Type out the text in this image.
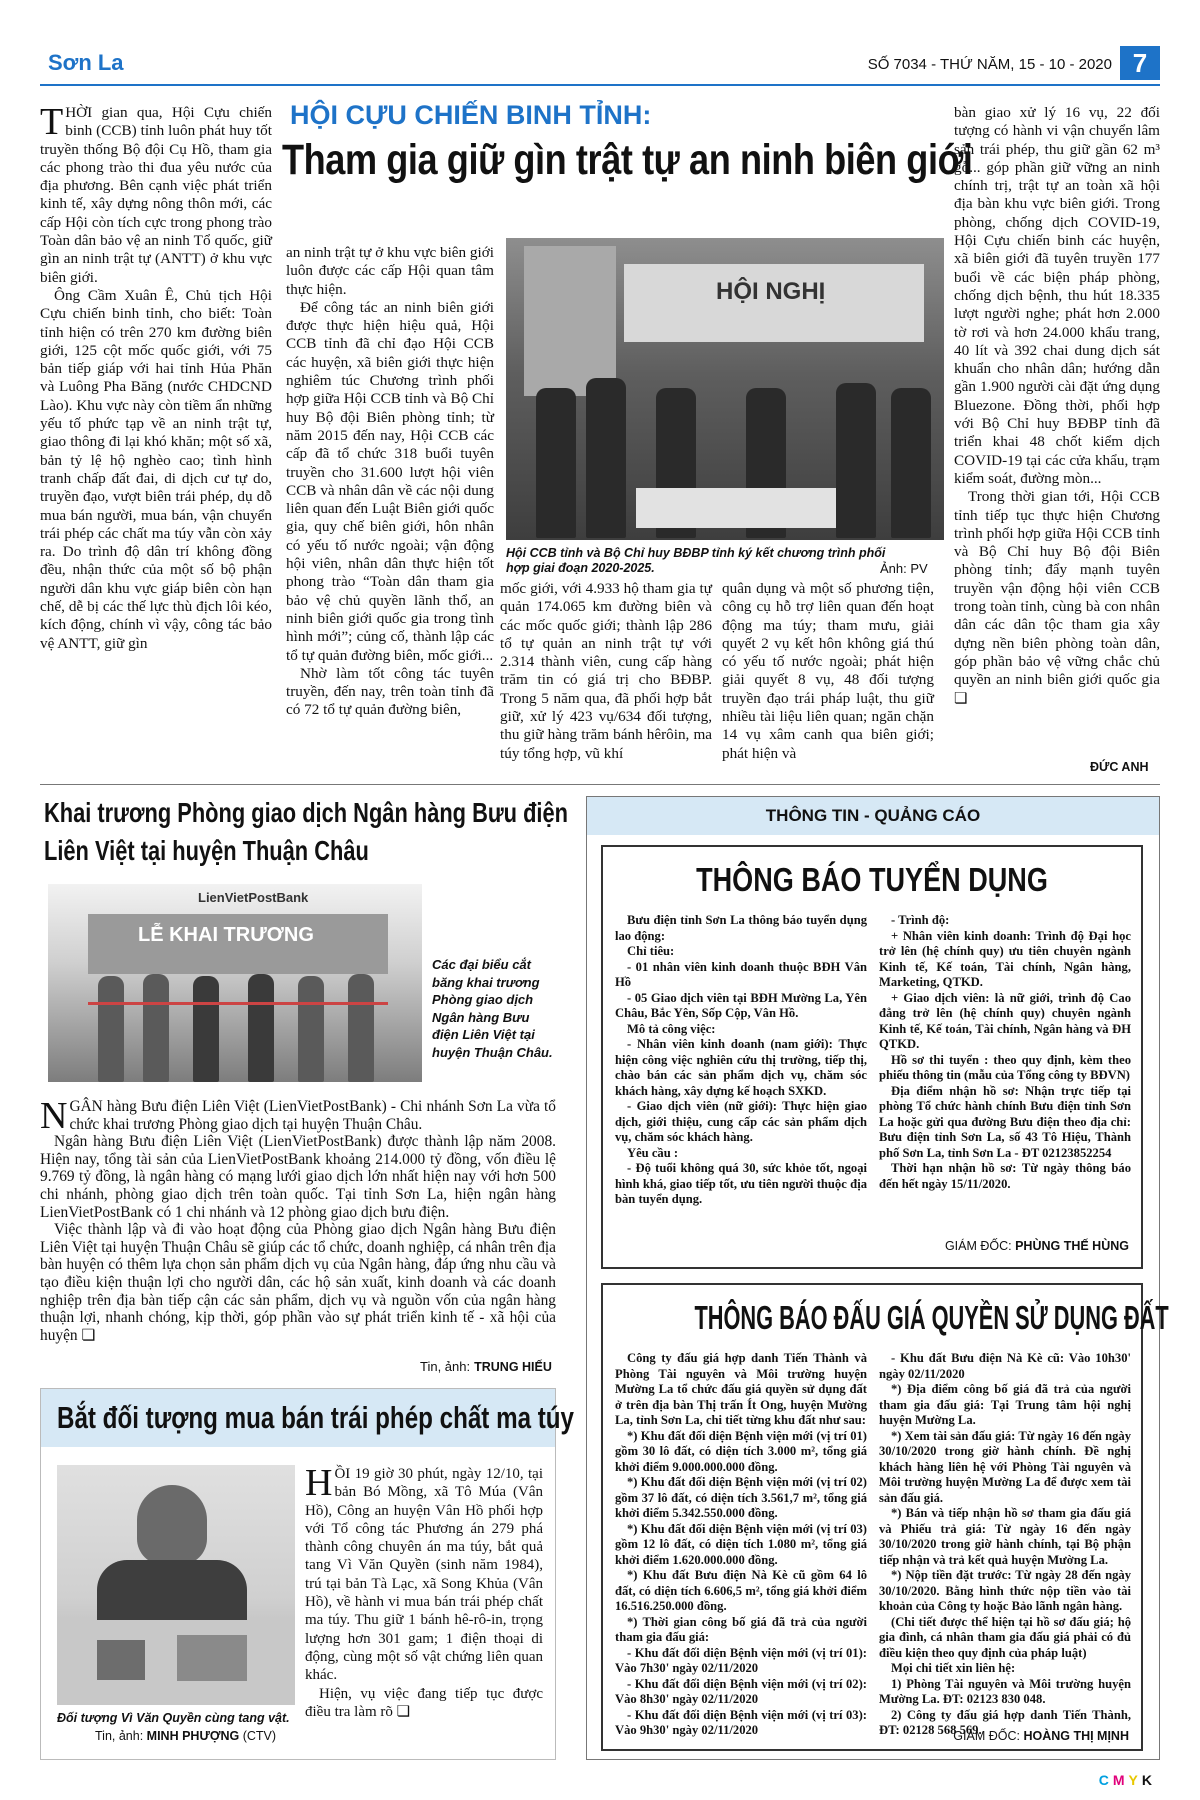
Sơn La	SỐ 7034 - THỨ NĂM, 15 - 10 - 2020 7
HỘI CỰU CHIẾN BINH TỈNH:
Tham gia giữ gìn trật tự an ninh biên giới

THỜI gian qua, Hội Cựu chiến binh (CCB) tỉnh luôn phát huy tốt truyền thống Bộ đội Cụ Hồ, tham gia các phong trào thi đua yêu nước của địa phương. Bên cạnh việc phát triển kinh tế, xây dựng nông thôn mới, các cấp Hội còn tích cực trong phong trào Toàn dân bảo vệ an ninh Tổ quốc, giữ gìn an ninh trật tự (ANTT) ở khu vực biên giới.

Ông Cầm Xuân Ê, Chủ tịch Hội Cựu chiến binh tỉnh, cho biết: Toàn tỉnh hiện có trên 270 km đường biên giới, 125 cột mốc quốc giới, với 75 bản tiếp giáp với hai tỉnh Hủa Phăn và Luông Pha Băng (nước CHDCND Lào). Khu vực này còn tiềm ẩn những yếu tố phức tạp về an ninh trật tự, giao thông đi lại khó khăn; một số xã, bản tỷ lệ hộ nghèo cao; tình hình tranh chấp đất đai, di dịch cư tự do, truyền đạo, vượt biên trái phép, dụ dỗ mua bán người, mua bán, vận chuyển trái phép các chất ma túy vẫn còn xảy ra. Do trình độ dân trí không đồng đều, nhận thức của một số bộ phận người dân khu vực giáp biên còn hạn chế, dễ bị các thế lực thù địch lôi kéo, kích động, chính vì vậy, công tác bảo vệ ANTT, giữ gìn

an ninh trật tự ở khu vực biên giới luôn được các cấp Hội quan tâm thực hiện.

Để công tác an ninh biên giới được thực hiện hiệu quả, Hội CCB tỉnh đã chỉ đạo Hội CCB các huyện, xã biên giới thực hiện nghiêm túc Chương trình phối hợp giữa Hội CCB tỉnh và Bộ Chỉ huy Bộ đội Biên phòng tỉnh; từ năm 2015 đến nay, Hội CCB các cấp đã tổ chức 318 buổi tuyên truyền cho 31.600 lượt hội viên CCB và nhân dân về các nội dung liên quan đến Luật Biên giới quốc gia, quy chế biên giới, hôn nhân có yếu tố nước ngoài; vận động hội viên, nhân dân thực hiện tốt phong trào “Toàn dân tham gia bảo vệ chủ quyền lãnh thổ, an ninh biên giới quốc gia trong tình hình mới”; củng cố, thành lập các tổ tự quản đường biên, mốc giới...

Nhờ làm tốt công tác tuyên truyền, đến nay, trên toàn tỉnh đã có 72 tổ tự quản đường biên,

HỘI NGHỊ
Hội CCB tỉnh và Bộ Chỉ huy BĐBP tỉnh ký kết chương trình phối hợp giai đoạn 2020-2025.	Ảnh: PV

mốc giới, với 4.933 hộ tham gia tự quản 174.065 km đường biên và các mốc quốc giới; thành lập 286 tổ tự quản an ninh trật tự với 2.314 thành viên, cung cấp hàng trăm tin có giá trị cho BĐBP. Trong 5 năm qua, đã phối hợp bắt giữ, xử lý 423 vụ/634 đối tượng, thu giữ hàng trăm bánh hêrôin, ma túy tổng hợp, vũ khí

quân dụng và một số phương tiện, công cụ hỗ trợ liên quan đến hoạt động ma túy; tham mưu, giải quyết 2 vụ kết hôn không giá thú có yếu tố nước ngoài; phát hiện giải quyết 8 vụ, 48 đối tượng truyền đạo trái pháp luật, thu giữ nhiều tài liệu liên quan; ngăn chặn 14 vụ xâm canh qua biên giới; phát hiện và

bàn giao xử lý 16 vụ, 22 đối tượng có hành vi vận chuyển lâm sản trái phép, thu giữ gần 62 m³ gỗ... góp phần giữ vững an ninh chính trị, trật tự an toàn xã hội địa bàn khu vực biên giới. Trong phòng, chống dịch COVID-19, Hội Cựu chiến binh các huyện, xã biên giới đã tuyên truyền 177 buổi về các biện pháp phòng, chống dịch bệnh, thu hút 18.335 lượt người nghe; phát hơn 2.000 tờ rơi và hơn 24.000 khẩu trang, 40 lít và 392 chai dung dịch sát khuẩn cho nhân dân; hướng dẫn gần 1.900 người cài đặt ứng dụng Bluezone. Đồng thời, phối hợp với Bộ Chỉ huy BĐBP tỉnh đã triển khai 48 chốt kiểm dịch COVID-19 tại các cửa khẩu, trạm kiểm soát, đường mòn...

Trong thời gian tới, Hội CCB tỉnh tiếp tục thực hiện Chương trình phối hợp giữa Hội CCB tỉnh và Bộ Chỉ huy Bộ đội Biên phòng tỉnh; đẩy mạnh tuyên truyền vận động hội viên CCB trong toàn tỉnh, cùng bà con nhân dân các dân tộc tham gia xây dựng nền biên phòng toàn dân, góp phần bảo vệ vững chắc chủ quyền an ninh biên giới quốc gia ❏

ĐỨC ANH
Khai trương Phòng giao dịch Ngân hàng Bưu điện
Liên Việt tại huyện Thuận Châu
LienVietPostBank
LỄ KHAI TRƯƠNG
Các đại biểu cắt băng khai trương Phòng giao dịch Ngân hàng Bưu điện Liên Việt tại huyện Thuận Châu.

NGÂN hàng Bưu điện Liên Việt (LienVietPostBank) - Chi nhánh Sơn La vừa tổ chức khai trương Phòng giao dịch tại huyện Thuận Châu.

Ngân hàng Bưu điện Liên Việt (LienVietPostBank) được thành lập năm 2008. Hiện nay, tổng tài sản của LienVietPostBank khoảng 214.000 tỷ đồng, vốn điều lệ 9.769 tỷ đồng, là ngân hàng có mạng lưới giao dịch lớn nhất hiện nay với hơn 500 chi nhánh, phòng giao dịch trên toàn quốc. Tại tỉnh Sơn La, hiện ngân hàng LienVietPostBank có 1 chi nhánh và 12 phòng giao dịch bưu điện.

Việc thành lập và đi vào hoạt động của Phòng giao dịch Ngân hàng Bưu điện Liên Việt tại huyện Thuận Châu sẽ giúp các tổ chức, doanh nghiệp, cá nhân trên địa bàn huyện có thêm lựa chọn sản phẩm dịch vụ của Ngân hàng, đáp ứng nhu cầu và tạo điều kiện thuận lợi cho người dân, các hộ sản xuất, kinh doanh và các doanh nghiệp trên địa bàn tiếp cận các sản phẩm, dịch vụ và nguồn vốn của ngân hàng thuận lợi, nhanh chóng, kịp thời, góp phần vào sự phát triển kinh tế - xã hội của huyện ❏

Tin, ảnh: TRUNG HIẾU
Bắt đối tượng mua bán trái phép chất ma túy
Đối tượng Vì Văn Quyền cùng tang vật.
Tin, ảnh: MINH PHƯỢNG (CTV)

HỒI 19 giờ 30 phút, ngày 12/10, tại bản Bó Mồng, xã Tô Múa (Vân Hồ), Công an huyện Vân Hồ phối hợp với Tổ công tác Phương án 279 phá thành công chuyên án ma túy, bắt quả tang Vì Văn Quyền (sinh năm 1984), trú tại bản Tà Lạc, xã Song Khủa (Vân Hồ), về hành vi mua bán trái phép chất ma túy. Thu giữ 1 bánh hê-rô-in, trọng lượng hơn 301 gam; 1 điện thoại di động, cùng một số vật chứng liên quan khác.

Hiện, vụ việc đang tiếp tục được điều tra làm rõ ❏

THÔNG TIN - QUẢNG CÁO
THÔNG BÁO TUYỂN DỤNG

Bưu điện tỉnh Sơn La thông báo tuyển dụng lao động:

Chỉ tiêu:

- 01 nhân viên kinh doanh thuộc BĐH Vân Hồ

- 05 Giao dịch viên tại BĐH Mường La, Yên Châu, Bắc Yên, Sốp Cộp, Vân Hồ.

Mô tả công việc:

- Nhân viên kinh doanh (nam giới): Thực hiện công việc nghiên cứu thị trường, tiếp thị, chào bán các sản phẩm dịch vụ, chăm sóc khách hàng, xây dựng kế hoạch SXKD.

- Giao dịch viên (nữ giới): Thực hiện giao dịch, giới thiệu, cung cấp các sản phẩm dịch vụ, chăm sóc khách hàng.

Yêu cầu :

- Độ tuổi không quá 30, sức khỏe tốt, ngoại hình khá, giao tiếp tốt, ưu tiên người thuộc địa bàn tuyển dụng.

- Trình độ:

+ Nhân viên kinh doanh: Trình độ Đại học trở lên (hệ chính quy) ưu tiên chuyên ngành Kinh tế, Kế toán, Tài chính, Ngân hàng, Marketing, QTKD.

+ Giao dịch viên: là nữ giới, trình độ Cao đẳng trở lên (hệ chính quy) chuyên ngành Kinh tế, Kế toán, Tài chính, Ngân hàng và ĐH QTKD.

Hồ sơ thi tuyển : theo quy định, kèm theo phiếu thông tin (mẫu của Tổng công ty BĐVN)

Địa điểm nhận hồ sơ: Nhận trực tiếp tại phòng Tổ chức hành chính Bưu điện tỉnh Sơn La hoặc gửi qua đường Bưu điện theo địa chỉ: Bưu điện tỉnh Sơn La, số 43 Tô Hiệu, Thành phố Sơn La, tỉnh Sơn La - ĐT 02123852254

Thời hạn nhận hồ sơ: Từ ngày thông báo đến hết ngày 15/11/2020.

GIÁM ĐỐC: PHÙNG THẾ HÙNG
THÔNG BÁO ĐẤU GIÁ QUYỀN SỬ DỤNG ĐẤT

Công ty đấu giá hợp danh Tiến Thành và Phòng Tài nguyên và Môi trường huyện Mường La tổ chức đấu giá quyền sử dụng đất ở trên địa bàn Thị trấn Ít Ong, huyện Mường La, tỉnh Sơn La, chi tiết từng khu đất như sau:

*) Khu đất đối diện Bệnh viện mới (vị trí 01) gồm 30 lô đất, có diện tích 3.000 m², tổng giá khởi điểm 9.000.000.000 đồng.

*) Khu đất đối diện Bệnh viện mới (vị trí 02) gồm 37 lô đất, có diện tích 3.561,7 m², tổng giá khởi điểm 5.342.550.000 đồng.

*) Khu đất đối diện Bệnh viện mới (vị trí 03) gồm 12 lô đất, có diện tích 1.080 m², tổng giá khởi điểm 1.620.000.000 đồng.

*) Khu đất Bưu điện Nà Kè cũ gồm 64 lô đất, có diện tích 6.606,5 m², tổng giá khởi điểm 16.516.250.000 đồng.

*) Thời gian công bố giá đã trả của người tham gia đấu giá:

- Khu đất đối diện Bệnh viện mới (vị trí 01): Vào 7h30' ngày 02/11/2020

- Khu đất đối diện Bệnh viện mới (vị trí 02): Vào 8h30' ngày 02/11/2020

- Khu đất đối diện Bệnh viện mới (vị trí 03): Vào 9h30' ngày 02/11/2020

- Khu đất Bưu điện Nà Kè cũ: Vào 10h30' ngày 02/11/2020

*) Địa điểm công bố giá đã trả của người tham gia đấu giá: Tại Trung tâm hội nghị huyện Mường La.

*) Xem tài sản đấu giá: Từ ngày 16 đến ngày 30/10/2020 trong giờ hành chính. Đề nghị khách hàng liên hệ với Phòng Tài nguyên và Môi trường huyện Mường La để được xem tài sản đấu giá.

*) Bán và tiếp nhận hồ sơ tham gia đấu giá và Phiếu trả giá: Từ ngày 16 đến ngày 30/10/2020 trong giờ hành chính, tại Bộ phận tiếp nhận và trả kết quả huyện Mường La.

*) Nộp tiền đặt trước: Từ ngày 28 đến ngày 30/10/2020. Bằng hình thức nộp tiền vào tài khoản của Công ty hoặc Bảo lãnh ngân hàng.

(Chi tiết được thể hiện tại hồ sơ đấu giá; hộ gia đình, cá nhân tham gia đấu giá phải có đủ điều kiện theo quy định của pháp luật)

Mọi chi tiết xin liên hệ:

1) Phòng Tài nguyên và Môi trường huyện Mường La. ĐT: 02123 830 048.

2) Công ty đấu giá hợp danh Tiến Thành, ĐT: 02128 568 569.

GIÁM ĐỐC: HOÀNG THỊ MỊNH
CMYK
